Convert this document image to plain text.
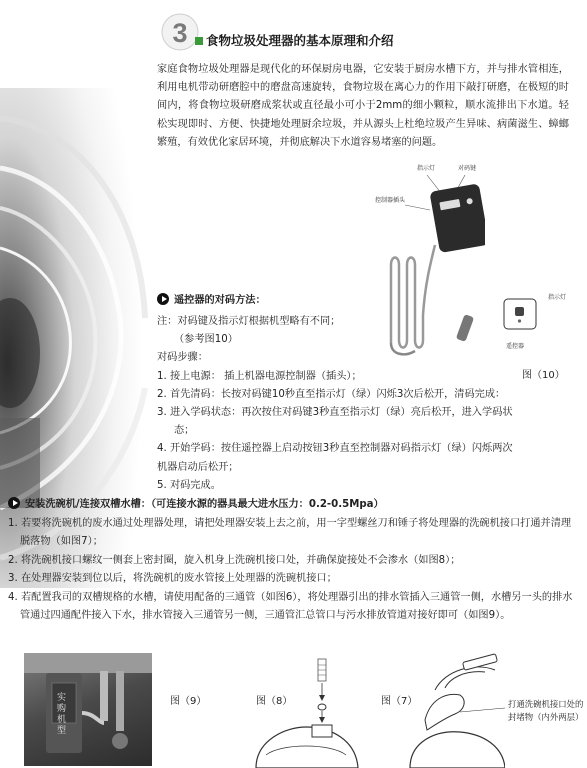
3 食物垃圾处理器的基本原理和介绍
家庭食物垃圾处理器是现代化的环保厨房电器，它安装于厨房水槽下方，并与排水管相连，利用电机带动研磨腔中的磨盘高速旋转，食物垃圾在离心力的作用下敲打研磨，在极短的时间内，将食物垃圾研磨成浆状或直径最小可小于2mm的细小颗粒，顺水流排出下水道。轻松实现即时、方便、快捷地处理厨余垃圾，并从源头上杜绝垃圾产生异味、病菌滋生、蟑螂繁殖，有效优化家居环境，并彻底解决下水道容易堵塞的问题。
指示灯	对码键
控制器插头
指示灯
遥控器
遥控器的对码方法：

注：对码键及指示灯根据机型略有不同；

（参考图10）

对码步骤：

1. 接上电源： 插上机器电源控制器（插头）；

2. 首先清码：长按对码键10秒直至指示灯（绿）闪烁3次后松开，清码完成：

3. 进入学码状态：再次按住对码键3秒直至指示灯（绿）亮后松开，进入学码状

态；

4. 开始学码：按住遥控器上启动按钮3秒直至控制器对码指示灯（绿）闪烁两次

机器启动后松开；

5. 对码完成。

图（10）
安装洗碗机/连接双槽水槽：（可连接水源的器具最大进水压力：0.2-0.5Mpa）

1. 若要将洗碗机的废水通过处理器处理，请把处理器安装上去之前，用一字型螺丝刀和锤子将处理器的洗碗机接口打通并清理脱落物（如图7）；

2. 将洗碗机接口螺纹一侧套上密封圈，旋入机身上洗碗机接口处，并确保旋接处不会渗水（如图8）；

3. 在处理器安装到位以后，将洗碗机的废水管接上处理器的洗碗机接口；

4. 若配置我司的双槽规格的水槽，请使用配备的三通管（如图6），将处理器引出的排水管插入三通管一侧，水槽另一头的排水管通过四通配件接入下水，排水管接入三通管另一侧，三通管汇总管口与污水排放管道对接好即可（如图9）。

实购机型
图（9）	图（8）	图（7）	打通洗碗机接口处的封堵物（内外两层）
